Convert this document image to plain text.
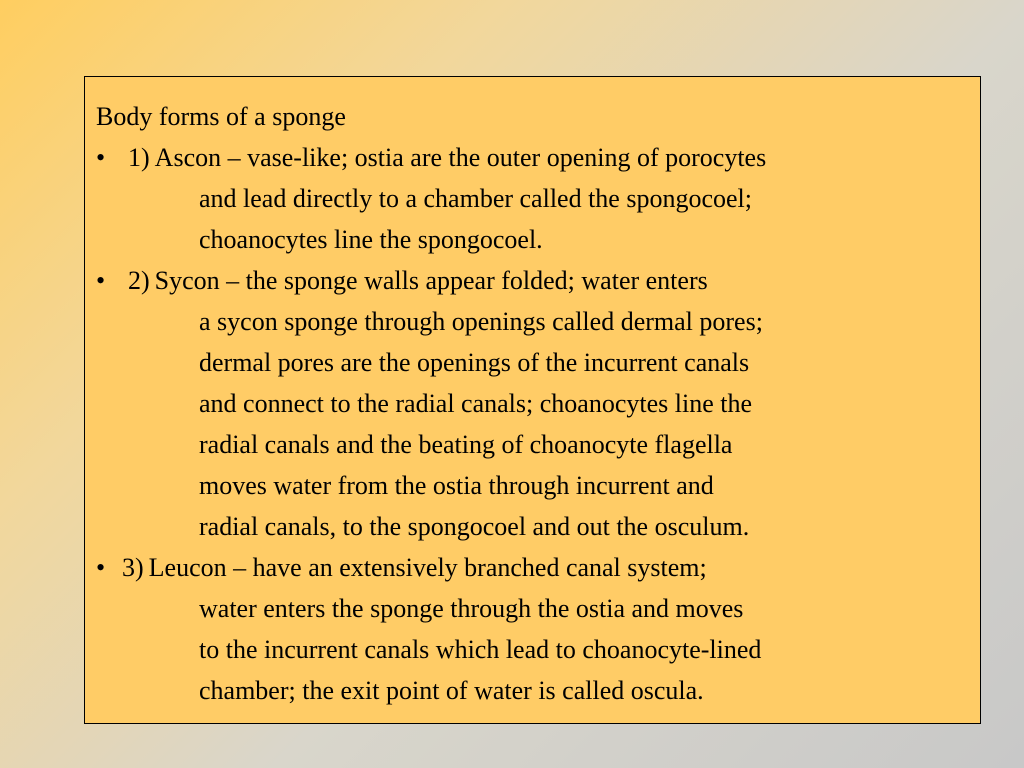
Body forms of a sponge
• 1) Ascon – vase-like; ostia are the outer opening of porocytes
and lead directly to a chamber called the spongocoel;
choanocytes line the spongocoel.
• 2) Sycon – the sponge walls appear folded; water enters
a sycon sponge through openings called dermal pores;
dermal pores are the openings of the incurrent canals
and connect to the radial canals; choanocytes line the
radial canals and the beating of choanocyte flagella
moves water from the ostia through incurrent and
radial canals, to the spongocoel and out the osculum.
• 3) Leucon – have an extensively branched canal system;
water enters the sponge through the ostia and moves
to the incurrent canals which lead to choanocyte-lined
chamber; the exit point of water is called oscula.
